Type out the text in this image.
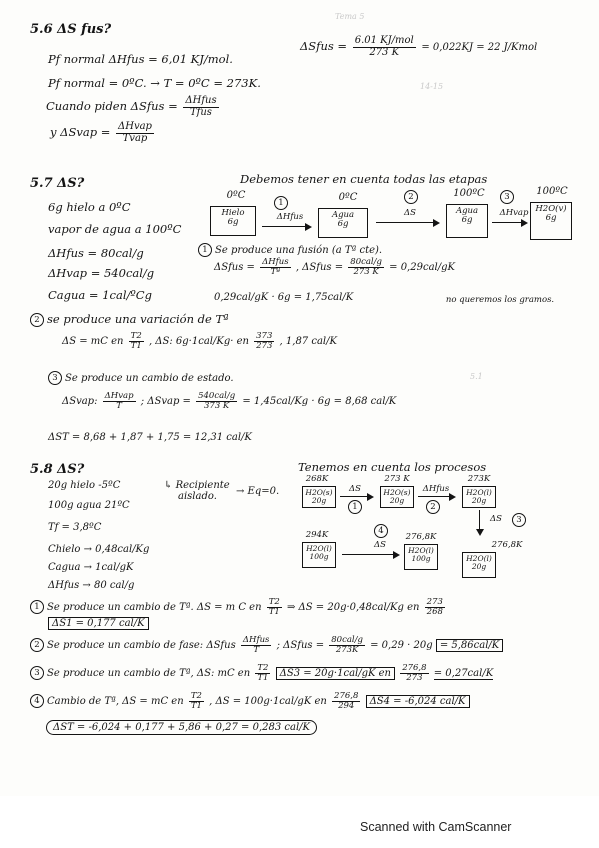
Tema 5
14-15
5.1
5.6 ΔS fus?
Pf normal ΔHfus = 6,01 KJ/mol.
ΔSfus = $\frac{\text{6.01 KJ/mol}}{273 K} = 0,022KJ = 22$ J/Kmol
Pf normal = 0ºC. → T = 0ºC = 273K.
Cuando piden ΔSfus = $\frac{\text{ΔHfus}}{\text{Tfus}}$
y ΔSvap = $\frac{\text{ΔHvap}}{\text{Tvap}}$
5.7 ΔS?	Debemos tener en cuenta todas las etapas
6g hielo a 0ºC
vapor de agua a 100ºC
ΔHfus = 80cal/g
ΔHvap = 540cal/g
Cagua = 1cal/ºCg
0ºC
Hielo
6g
1
ΔHfus
0ºC
Agua
6g
2
ΔS
100ºC
Agua
6g
3
ΔHvap
100ºC
H2O(v)
6g
1 Se produce una fusión (a Tª cte).
ΔSfus = $\frac{\text{ΔHfus}}{\text{Tª}}$ , ΔSfus = $\frac{\text{80cal/g}}{273 K} = 0,29cal/gK$
0,29cal/gK · 6g = 1,75cal/K	no queremos los gramos.
2 se produce una variación de Tª
ΔS = mC en $\frac{T2}{T1}$ , ΔS: 6g·1cal/Kg· en $\frac{373}{273}$ , 1,87 cal/K
3 Se produce un cambio de estado.
ΔSvap: $\frac{\text{ΔHvap}}{T}$ ; ΔSvap = $\frac{\text{540cal/g}}{373 K} = 1,45cal/Kg \cdot 6g = 8,68$ cal/K
ΔST = 8,68 + 1,87 + 1,75 = 12,31 cal/K
5.8 ΔS?	Tenemos en cuenta los procesos
20g hielo -5ºC
100g agua 21ºC
↳ Recipiente
aislado.	→ Eq=0.
Tf = 3,8ºC
Chielo → 0,48cal/Kg
Cagua → 1cal/gK
ΔHfus → 80 cal/g
268K
H2O(s)
20g
ΔS
1
273 K
H2O(s)
20g
ΔHfus
2
273K
H2O(l)
20g
ΔS	3
276,8K
H2O(l)
20g
294K
H2O(l)
100g
4
ΔS
276,8K
H2O(l)
100g
1 Se produce un cambio de Tª. ΔS = m C en $\frac{T2}{T1}$ ⇒ ΔS = 20g·0,48cal/Kg en $\frac{273}{268}$
ΔS1 = 0,177 cal/K
2 Se produce un cambio de fase: ΔSfus $\frac{\text{ΔHfus}}{T}$ ; ΔSfus = $\frac{\text{80cal/g}}{273K} = 0,29 \cdot 20g = 5,86cal/K$
3 Se produce un cambio de Tª, ΔS: mC en $\frac{T2}{T1} \Delta S3 = 20g\cdot 1cal/gK$ en $\frac{276,8}{273} = 0,27cal/K$
4 Cambio de Tª, ΔS = mC en $\frac{T2}{T1}$ , ΔS = 100g·1cal/gK en $\frac{276,8}{294} \Delta S4 = -6,024$ cal/K
ΔST = -6,024 + 0,177 + 5,86 + 0,27 = 0,283 cal/K
Scanned with CamScanner
